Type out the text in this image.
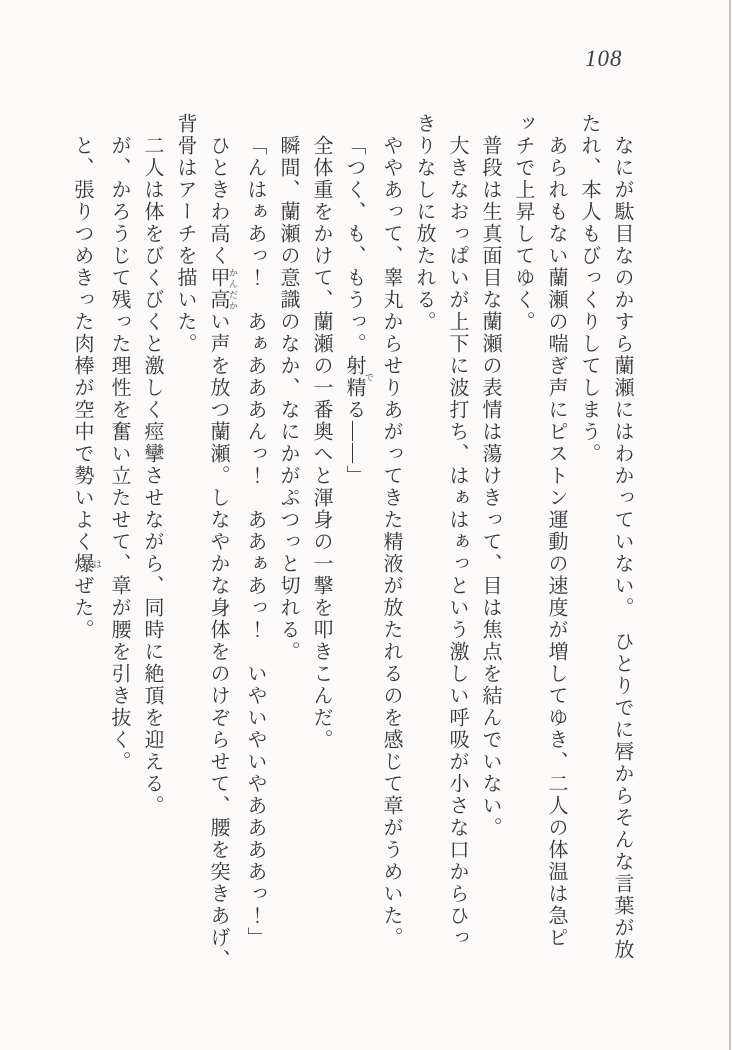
108
なにが駄目なのかすら蘭瀬にはわかっていない。　ひとりでに唇からそんな言葉が放
たれ、本人もびっくりしてしまう。
あられもない蘭瀬の喘ぎ声にピストン運動の速度が増してゆき、二人の体温は急ピ
ッチで上昇してゆく。
普段は生真面目な蘭瀬の表情は蕩けきって、目は焦点を結んでいない。
大きなおっぱいが上下に波打ち、はぁはぁっという激しい呼吸が小さな口からひっ
きりなしに放たれる。
ややあって、睾丸からせりあがってきた精液が放たれるのを感じて章がうめいた。
「つく、も、もうっ。射精 でる——」
全体重をかけて、蘭瀬の一番奥へと渾身の一撃を叩きこんだ。
瞬間、蘭瀬の意識のなか、なにかがぷつっと切れる。
「んはぁあっ！　あぁあああんっ！　ああぁあっ！　いやいやいやああああっ！」
ひときわ高く甲高 かんだかい声を放つ蘭瀬。しなやかな身体をのけぞらせて、腰を突きあげ、
背骨はアーチを描いた。
二人は体をびくびくと激しく痙攣させながら、同時に絶頂を迎える。
が、かろうじて残った理性を奮い立たせて、章が腰を引き抜く。
と、張りつめきった肉棒が空中で勢いよく爆 はぜた。
